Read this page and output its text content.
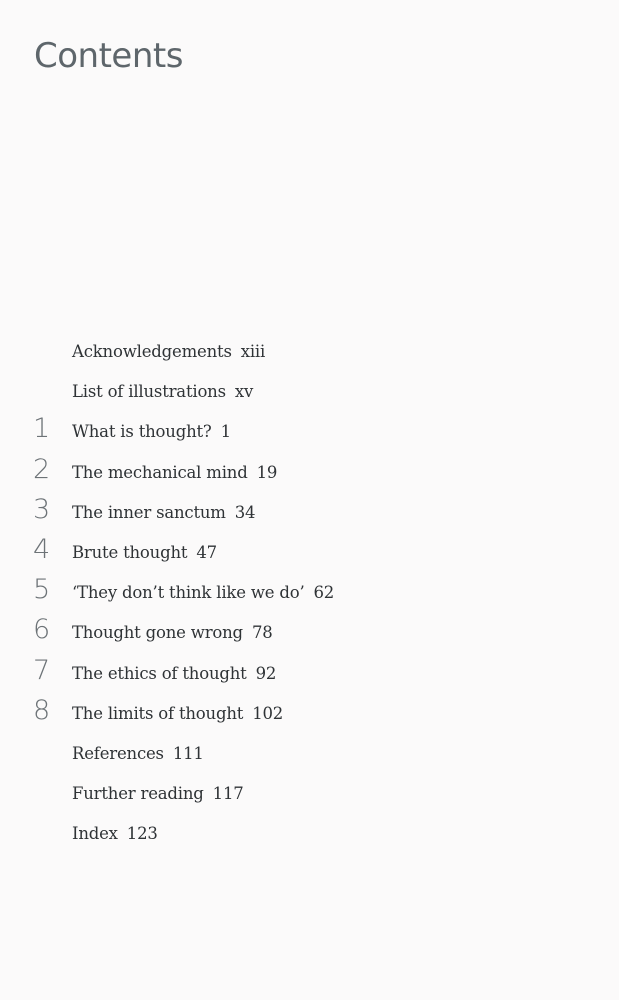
Contents
Acknowledgements xiii
List of illustrations xv
1	What is thought? 1
2	The mechanical mind 19
3	The inner sanctum 34
4	Brute thought 47
5	‘They don’t think like we do’ 62
6	Thought gone wrong 78
7	The ethics of thought 92
8	The limits of thought 102
References 111
Further reading 117
Index 123
